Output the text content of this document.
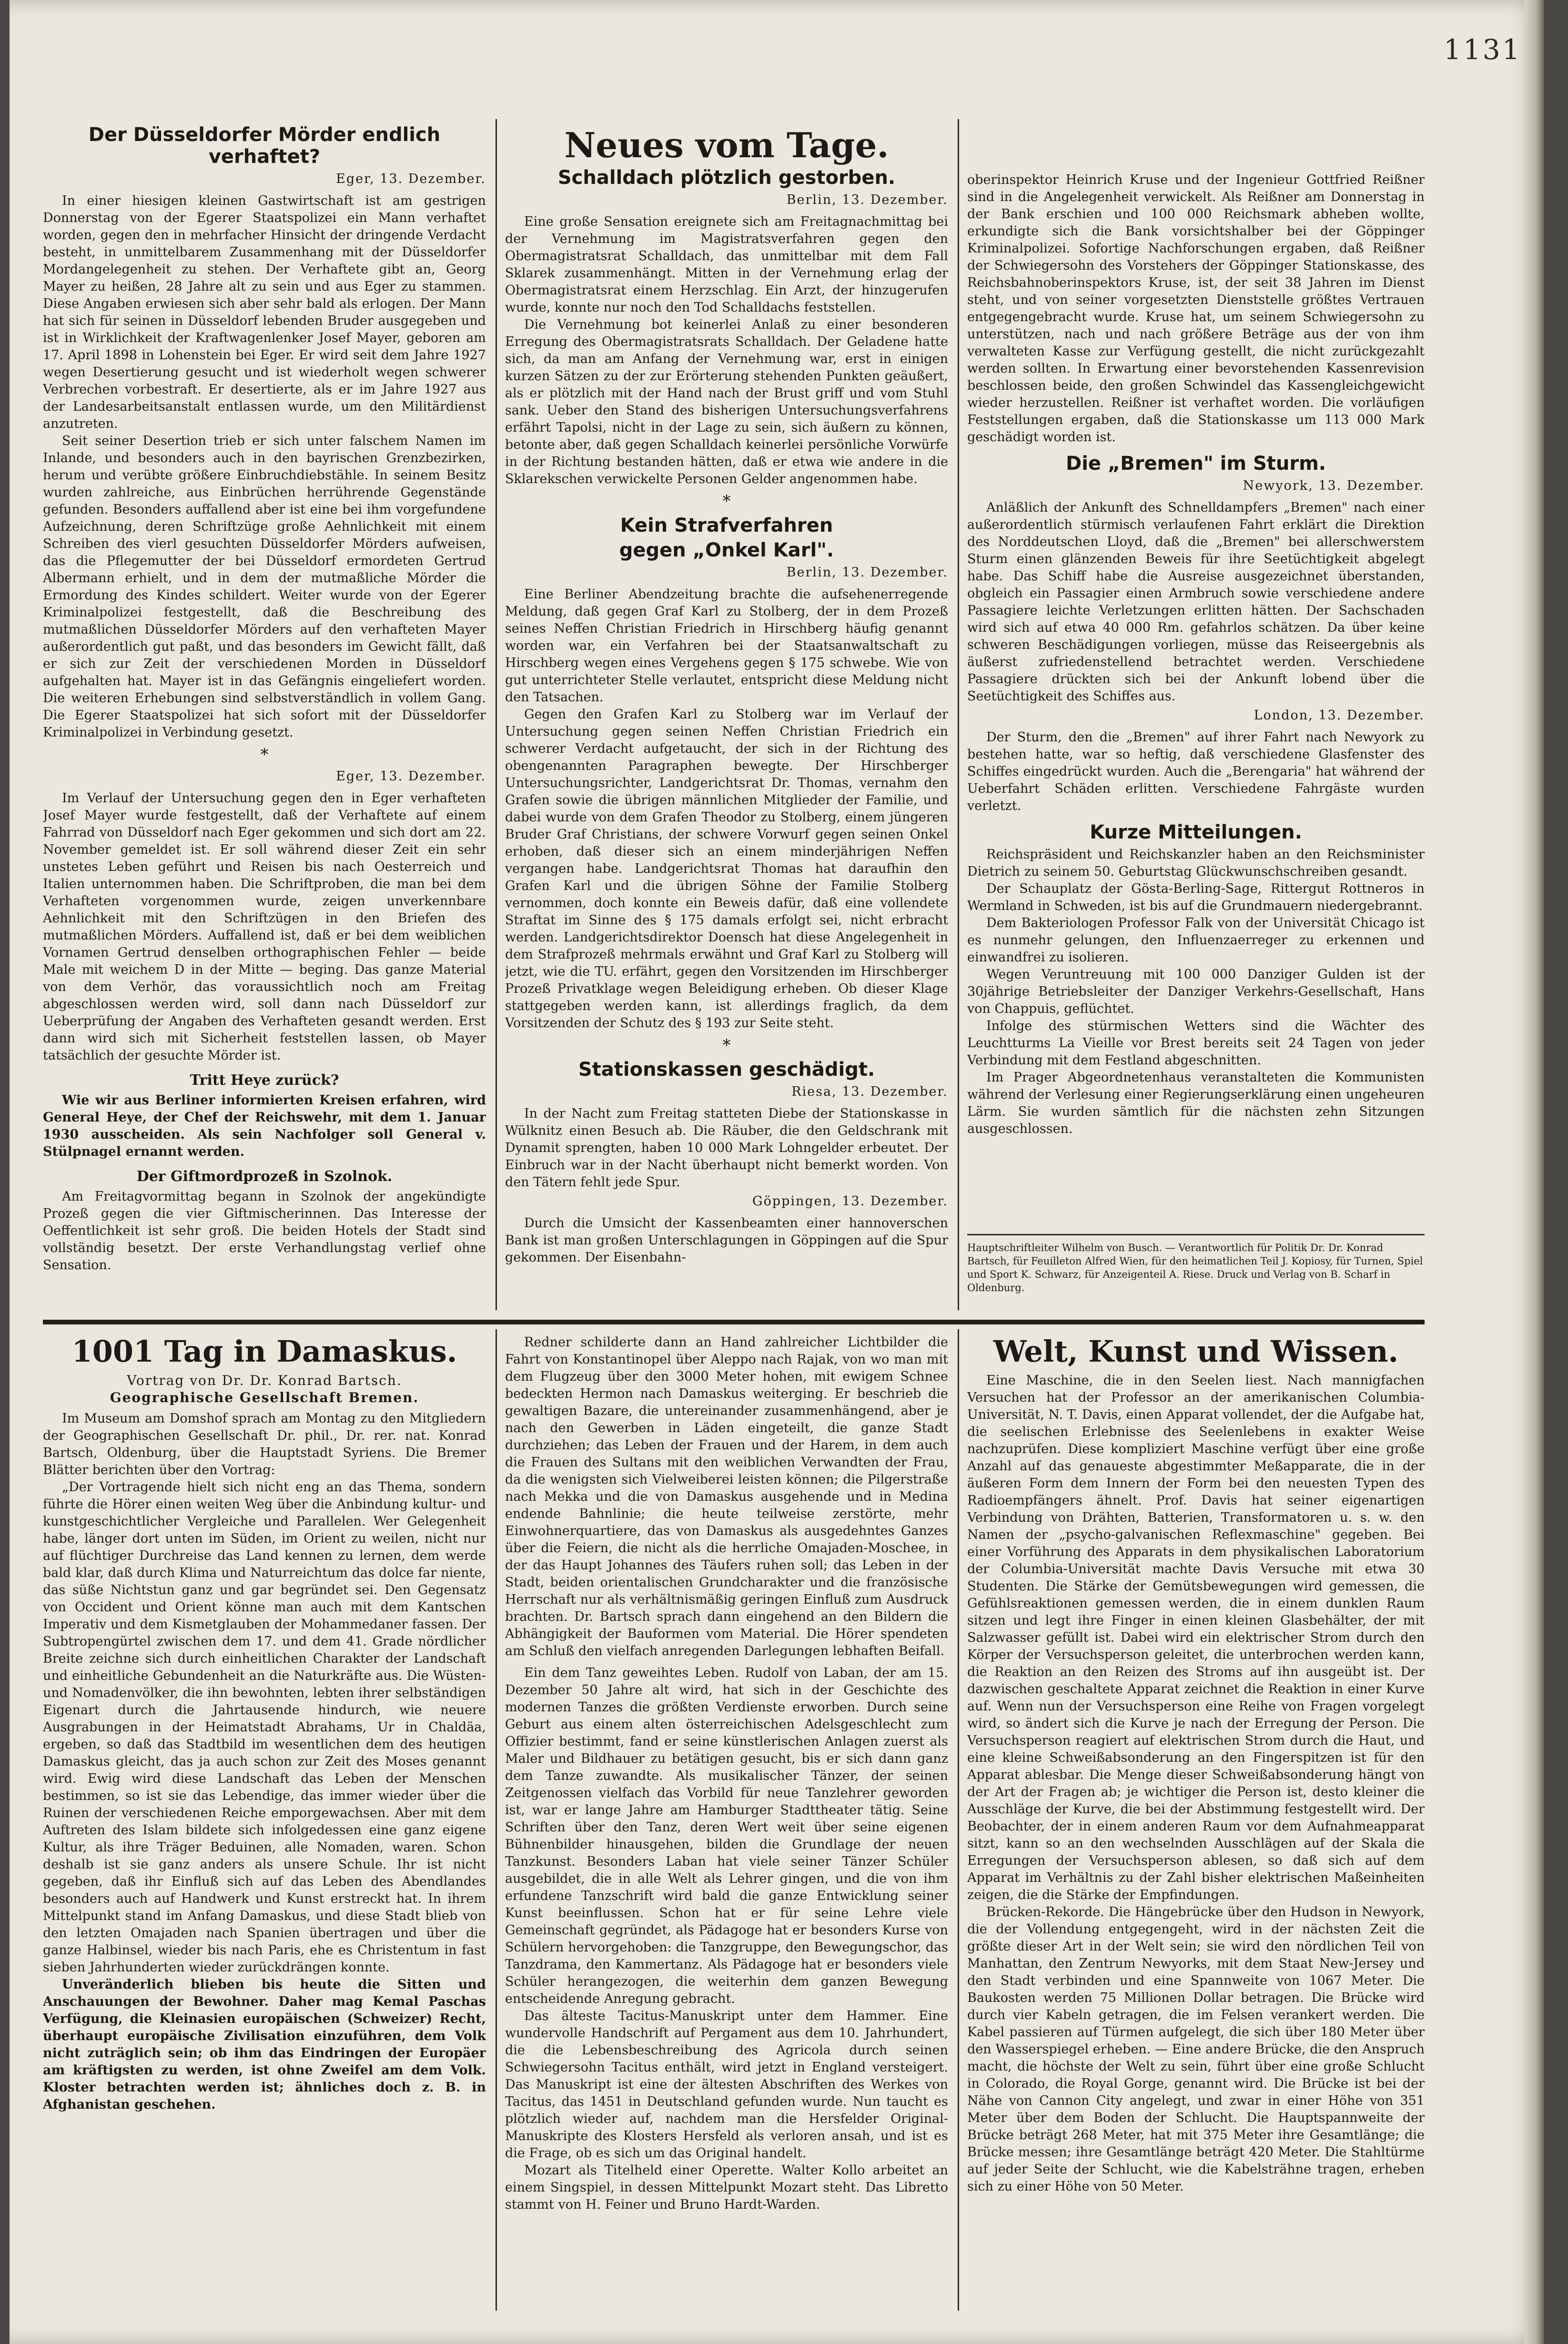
1131
Der Düsseldorfer Mörder endlich verhaftet?
Eger, 13. Dezember.

In einer hiesigen kleinen Gastwirtschaft ist am gestrigen Donnerstag von der Egerer Staatspolizei ein Mann verhaftet worden, gegen den in mehrfacher Hinsicht der dringende Verdacht besteht, in unmittelbarem Zusammenhang mit der Düsseldorfer Mordangelegenheit zu stehen. Der Verhaftete gibt an, Georg Mayer zu heißen, 28 Jahre alt zu sein und aus Eger zu stammen. Diese Angaben erwiesen sich aber sehr bald als erlogen. Der Mann hat sich für seinen in Düsseldorf lebenden Bruder ausgegeben und ist in Wirklichkeit der Kraftwagenlenker Josef Mayer, geboren am 17. April 1898 in Lohenstein bei Eger. Er wird seit dem Jahre 1927 wegen Desertierung gesucht und ist wiederholt wegen schwerer Verbrechen vorbestraft. Er desertierte, als er im Jahre 1927 aus der Landesarbeitsanstalt entlassen wurde, um den Militärdienst anzutreten.

Seit seiner Desertion trieb er sich unter falschem Namen im Inlande, und besonders auch in den bayrischen Grenzbezirken, herum und verübte größere Einbruchdiebstähle. In seinem Besitz wurden zahlreiche, aus Einbrüchen herrührende Gegenstände gefunden. Besonders auffallend aber ist eine bei ihm vorgefundene Aufzeichnung, deren Schriftzüge große Aehnlichkeit mit einem Schreiben des vierl gesuchten Düsseldorfer Mörders aufweisen, das die Pflegemutter der bei Düsseldorf ermordeten Gertrud Albermann erhielt, und in dem der mutmaßliche Mörder die Ermordung des Kindes schildert. Weiter wurde von der Egerer Kriminalpolizei festgestellt, daß die Beschreibung des mutmaßlichen Düsseldorfer Mörders auf den verhafteten Mayer außerordentlich gut paßt, und das besonders im Gewicht fällt, daß er sich zur Zeit der verschiedenen Morden in Düsseldorf aufgehalten hat. Mayer ist in das Gefängnis eingeliefert worden. Die weiteren Erhebungen sind selbstverständlich in vollem Gang. Die Egerer Staatspolizei hat sich sofort mit der Düsseldorfer Kriminalpolizei in Verbindung gesetzt.

*
Eger, 13. Dezember.

Im Verlauf der Untersuchung gegen den in Eger verhafteten Josef Mayer wurde festgestellt, daß der Verhaftete auf einem Fahrrad von Düsseldorf nach Eger gekommen und sich dort am 22. November gemeldet ist. Er soll während dieser Zeit ein sehr unstetes Leben geführt und Reisen bis nach Oesterreich und Italien unternommen haben. Die Schriftproben, die man bei dem Verhafteten vorgenommen wurde, zeigen unverkennbare Aehnlichkeit mit den Schriftzügen in den Briefen des mutmaßlichen Mörders. Auffallend ist, daß er bei dem weiblichen Vornamen Gertrud denselben orthographischen Fehler — beide Male mit weichem D in der Mitte — beging. Das ganze Material von dem Verhör, das voraussichtlich noch am Freitag abgeschlossen werden wird, soll dann nach Düsseldorf zur Ueberprüfung der Angaben des Verhafteten gesandt werden. Erst dann wird sich mit Sicherheit feststellen lassen, ob Mayer tatsächlich der gesuchte Mörder ist.

Tritt Heye zurück?

Wie wir aus Berliner informierten Kreisen erfahren, wird General Heye, der Chef der Reichswehr, mit dem 1. Januar 1930 ausscheiden. Als sein Nachfolger soll General v. Stülpnagel ernannt werden.

Der Giftmordprozeß in Szolnok.

Am Freitagvormittag begann in Szolnok der angekündigte Prozeß gegen die vier Giftmischerinnen. Das Interesse der Oeffentlichkeit ist sehr groß. Die beiden Hotels der Stadt sind vollständig besetzt. Der erste Verhandlungstag verlief ohne Sensation.

Neues vom Tage.
Schalldach plötzlich gestorben.
Berlin, 13. Dezember.

Eine große Sensation ereignete sich am Freitagnachmittag bei der Vernehmung im Magistratsverfahren gegen den Obermagistratsrat Schalldach, das unmittelbar mit dem Fall Sklarek zusammenhängt. Mitten in der Vernehmung erlag der Obermagistratsrat einem Herzschlag. Ein Arzt, der hinzugerufen wurde, konnte nur noch den Tod Schalldachs feststellen.

Die Vernehmung bot keinerlei Anlaß zu einer besonderen Erregung des Obermagistratsrats Schalldach. Der Geladene hatte sich, da man am Anfang der Vernehmung war, erst in einigen kurzen Sätzen zu der zur Erörterung stehenden Punkten geäußert, als er plötzlich mit der Hand nach der Brust griff und vom Stuhl sank. Ueber den Stand des bisherigen Untersuchungsverfahrens erfährt Tapolsi, nicht in der Lage zu sein, sich äußern zu können, betonte aber, daß gegen Schalldach keinerlei persönliche Vorwürfe in der Richtung bestanden hätten, daß er etwa wie andere in die Sklarekschen verwickelte Personen Gelder angenommen habe.

*
Kein Strafverfahren
gegen „Onkel Karl".
Berlin, 13. Dezember.

Eine Berliner Abendzeitung brachte die aufsehenerregende Meldung, daß gegen Graf Karl zu Stolberg, der in dem Prozeß seines Neffen Christian Friedrich in Hirschberg häufig genannt worden war, ein Verfahren bei der Staatsanwaltschaft zu Hirschberg wegen eines Vergehens gegen § 175 schwebe. Wie von gut unterrichteter Stelle verlautet, entspricht diese Meldung nicht den Tatsachen.

Gegen den Grafen Karl zu Stolberg war im Verlauf der Untersuchung gegen seinen Neffen Christian Friedrich ein schwerer Verdacht aufgetaucht, der sich in der Richtung des obengenannten Paragraphen bewegte. Der Hirschberger Untersuchungsrichter, Landgerichtsrat Dr. Thomas, vernahm den Grafen sowie die übrigen männlichen Mitglieder der Familie, und dabei wurde von dem Grafen Theodor zu Stolberg, einem jüngeren Bruder Graf Christians, der schwere Vorwurf gegen seinen Onkel erhoben, daß dieser sich an einem minderjährigen Neffen vergangen habe. Landgerichtsrat Thomas hat daraufhin den Grafen Karl und die übrigen Söhne der Familie Stolberg vernommen, doch konnte ein Beweis dafür, daß eine vollendete Straftat im Sinne des § 175 damals erfolgt sei, nicht erbracht werden. Landgerichtsdirektor Doensch hat diese Angelegenheit in dem Strafprozeß mehrmals erwähnt und Graf Karl zu Stolberg will jetzt, wie die TU. erfährt, gegen den Vorsitzenden im Hirschberger Prozeß Privatklage wegen Beleidigung erheben. Ob dieser Klage stattgegeben werden kann, ist allerdings fraglich, da dem Vorsitzenden der Schutz des § 193 zur Seite steht.

*
Stationskassen geschädigt.
Riesa, 13. Dezember.

In der Nacht zum Freitag statteten Diebe der Stationskasse in Wülknitz einen Besuch ab. Die Räuber, die den Geldschrank mit Dynamit sprengten, haben 10 000 Mark Lohngelder erbeutet. Der Einbruch war in der Nacht überhaupt nicht bemerkt worden. Von den Tätern fehlt jede Spur.

Göppingen, 13. Dezember.

Durch die Umsicht der Kassenbeamten einer hannoverschen Bank ist man großen Unterschlagungen in Göppingen auf die Spur gekommen. Der Eisenbahn-

oberinspektor Heinrich Kruse und der Ingenieur Gottfried Reißner sind in die Angelegenheit verwickelt. Als Reißner am Donnerstag in der Bank erschien und 100 000 Reichsmark abheben wollte, erkundigte sich die Bank vorsichtshalber bei der Göppinger Kriminalpolizei. Sofortige Nachforschungen ergaben, daß Reißner der Schwiegersohn des Vorstehers der Göppinger Stationskasse, des Reichsbahnoberinspektors Kruse, ist, der seit 38 Jahren im Dienst steht, und von seiner vorgesetzten Dienststelle größtes Vertrauen entgegengebracht wurde. Kruse hat, um seinem Schwiegersohn zu unterstützen, nach und nach größere Beträge aus der von ihm verwalteten Kasse zur Verfügung gestellt, die nicht zurückgezahlt werden sollten. In Erwartung einer bevorstehenden Kassenrevision beschlossen beide, den großen Schwindel das Kassengleichgewicht wieder herzustellen. Reißner ist verhaftet worden. Die vorläufigen Feststellungen ergaben, daß die Stationskasse um 113 000 Mark geschädigt worden ist.

Die „Bremen" im Sturm.
Newyork, 13. Dezember.

Anläßlich der Ankunft des Schnelldampfers „Bremen" nach einer außerordentlich stürmisch verlaufenen Fahrt erklärt die Direktion des Norddeutschen Lloyd, daß die „Bremen" bei allerschwerstem Sturm einen glänzenden Beweis für ihre Seetüchtigkeit abgelegt habe. Das Schiff habe die Ausreise ausgezeichnet überstanden, obgleich ein Passagier einen Armbruch sowie verschiedene andere Passagiere leichte Verletzungen erlitten hätten. Der Sachschaden wird sich auf etwa 40 000 Rm. gefahrlos schätzen. Da über keine schweren Beschädigungen vorliegen, müsse das Reiseergebnis als äußerst zufriedenstellend betrachtet werden. Verschiedene Passagiere drückten sich bei der Ankunft lobend über die Seetüchtigkeit des Schiffes aus.

London, 13. Dezember.

Der Sturm, den die „Bremen" auf ihrer Fahrt nach Newyork zu bestehen hatte, war so heftig, daß verschiedene Glasfenster des Schiffes eingedrückt wurden. Auch die „Berengaria" hat während der Ueberfahrt Schäden erlitten. Verschiedene Fahrgäste wurden verletzt.

Kurze Mitteilungen.

Reichspräsident und Reichskanzler haben an den Reichsminister Dietrich zu seinem 50. Geburtstag Glückwunschschreiben gesandt.

Der Schauplatz der Gösta-Berling-Sage, Rittergut Rottneros in Wermland in Schweden, ist bis auf die Grundmauern niedergebrannt.

Dem Bakteriologen Professor Falk von der Universität Chicago ist es nunmehr gelungen, den Influenzaerreger zu erkennen und einwandfrei zu isolieren.

Wegen Veruntreuung mit 100 000 Danziger Gulden ist der 30jährige Betriebsleiter der Danziger Verkehrs-Gesellschaft, Hans von Chappuis, geflüchtet.

Infolge des stürmischen Wetters sind die Wächter des Leuchtturms La Vieille vor Brest bereits seit 24 Tagen von jeder Verbindung mit dem Festland abgeschnitten.

Im Prager Abgeordnetenhaus veranstalteten die Kommunisten während der Verlesung einer Regierungserklärung einen ungeheuren Lärm. Sie wurden sämtlich für die nächsten zehn Sitzungen ausgeschlossen.

Hauptschriftleiter Wilhelm von Busch. — Verantwortlich für Politik Dr. Dr. Konrad Bartsch, für Feuilleton Alfred Wien, für den heimatlichen Teil J. Kopiosy, für Turnen, Spiel und Sport K. Schwarz, für Anzeigenteil A. Riese. Druck und Verlag von B. Scharf in Oldenburg.
1001 Tag in Damaskus.

Vortrag von Dr. Dr. Konrad Bartsch.

Geographische Gesellschaft Bremen.

Im Museum am Domshof sprach am Montag zu den Mitgliedern der Geographischen Gesellschaft Dr. phil., Dr. rer. nat. Konrad Bartsch, Oldenburg, über die Hauptstadt Syriens. Die Bremer Blätter berichten über den Vortrag:

„Der Vortragende hielt sich nicht eng an das Thema, sondern führte die Hörer einen weiten Weg über die Anbindung kultur- und kunstgeschichtlicher Vergleiche und Parallelen. Wer Gelegenheit habe, länger dort unten im Süden, im Orient zu weilen, nicht nur auf flüchtiger Durchreise das Land kennen zu lernen, dem werde bald klar, daß durch Klima und Naturreichtum das dolce far niente, das süße Nichtstun ganz und gar begründet sei. Den Gegensatz von Occident und Orient könne man auch mit dem Kantschen Imperativ und dem Kismetglauben der Mohammedaner fassen. Der Subtropengürtel zwischen dem 17. und dem 41. Grade nördlicher Breite zeichne sich durch einheitlichen Charakter der Landschaft und einheitliche Gebundenheit an die Naturkräfte aus. Die Wüsten- und Nomadenvölker, die ihn bewohnten, lebten ihrer selbständigen Eigenart durch die Jahrtausende hindurch, wie neuere Ausgrabungen in der Heimatstadt Abrahams, Ur in Chaldäa, ergeben, so daß das Stadtbild im wesentlichen dem des heutigen Damaskus gleicht, das ja auch schon zur Zeit des Moses genannt wird. Ewig wird diese Landschaft das Leben der Menschen bestimmen, so ist sie das Lebendige, das immer wieder über die Ruinen der verschiedenen Reiche emporgewachsen. Aber mit dem Auftreten des Islam bildete sich infolgedessen eine ganz eigene Kultur, als ihre Träger Beduinen, alle Nomaden, waren. Schon deshalb ist sie ganz anders als unsere Schule. Ihr ist nicht gegeben, daß ihr Einfluß sich auf das Leben des Abendlandes besonders auch auf Handwerk und Kunst erstreckt hat. In ihrem Mittelpunkt stand im Anfang Damaskus, und diese Stadt blieb von den letzten Omajaden nach Spanien übertragen und über die ganze Halbinsel, wieder bis nach Paris, ehe es Christentum in fast sieben Jahrhunderten wieder zurückdrängen konnte.

Unveränderlich blieben bis heute die Sitten und Anschauungen der Bewohner. Daher mag Kemal Paschas Verfügung, die Kleinasien europäischen (Schweizer) Recht, überhaupt europäische Zivilisation einzuführen, dem Volk nicht zuträglich sein; ob ihm das Eindringen der Europäer am kräftigsten zu werden, ist ohne Zweifel am dem Volk. Kloster betrachten werden ist; ähnliches doch z. B. in Afghanistan geschehen.

Redner schilderte dann an Hand zahlreicher Lichtbilder die Fahrt von Konstantinopel über Aleppo nach Rajak, von wo man mit dem Flugzeug über den 3000 Meter hohen, mit ewigem Schnee bedeckten Hermon nach Damaskus weiterging. Er beschrieb die gewaltigen Bazare, die untereinander zusammenhängend, aber je nach den Gewerben in Läden eingeteilt, die ganze Stadt durchziehen; das Leben der Frauen und der Harem, in dem auch die Frauen des Sultans mit den weiblichen Verwandten der Frau, da die wenigsten sich Vielweiberei leisten können; die Pilgerstraße nach Mekka und die von Damaskus ausgehende und in Medina endende Bahnlinie; die heute teilweise zerstörte, mehr Einwohnerquartiere, das von Damaskus als ausgedehntes Ganzes über die Feiern, die nicht als die herrliche Omajaden-Moschee, in der das Haupt Johannes des Täufers ruhen soll; das Leben in der Stadt, beiden orientalischen Grundcharakter und die französische Herrschaft nur als verhältnismäßig geringen Einfluß zum Ausdruck brachten. Dr. Bartsch sprach dann eingehend an den Bildern die Abhängigkeit der Bauformen vom Material. Die Hörer spendeten am Schluß den vielfach anregenden Darlegungen lebhaften Beifall.

Ein dem Tanz geweihtes Leben. Rudolf von Laban, der am 15. Dezember 50 Jahre alt wird, hat sich in der Geschichte des modernen Tanzes die größten Verdienste erworben. Durch seine Geburt aus einem alten österreichischen Adelsgeschlecht zum Offizier bestimmt, fand er seine künstlerischen Anlagen zuerst als Maler und Bildhauer zu betätigen gesucht, bis er sich dann ganz dem Tanze zuwandte. Als musikalischer Tänzer, der seinen Zeitgenossen vielfach das Vorbild für neue Tanzlehrer geworden ist, war er lange Jahre am Hamburger Stadttheater tätig. Seine Schriften über den Tanz, deren Wert weit über seine eigenen Bühnenbilder hinausgehen, bilden die Grundlage der neuen Tanzkunst. Besonders Laban hat viele seiner Tänzer Schüler ausgebildet, die in alle Welt als Lehrer gingen, und die von ihm erfundene Tanzschrift wird bald die ganze Entwicklung seiner Kunst beeinflussen. Schon hat er für seine Lehre viele Gemeinschaft gegründet, als Pädagoge hat er besonders Kurse von Schülern hervorgehoben: die Tanzgruppe, den Bewegungschor, das Tanzdrama, den Kammertanz. Als Pädagoge hat er besonders viele Schüler herangezogen, die weiterhin dem ganzen Bewegung entscheidende Anregung gebracht.

Das älteste Tacitus-Manuskript unter dem Hammer. Eine wundervolle Handschrift auf Pergament aus dem 10. Jahrhundert, die die Lebensbeschreibung des Agricola durch seinen Schwiegersohn Tacitus enthält, wird jetzt in England versteigert. Das Manuskript ist eine der ältesten Abschriften des Werkes von Tacitus, das 1451 in Deutschland gefunden wurde. Nun taucht es plötzlich wieder auf, nachdem man die Hersfelder Original-Manuskripte des Klosters Hersfeld als verloren ansah, und ist es die Frage, ob es sich um das Original handelt.

Mozart als Titelheld einer Operette. Walter Kollo arbeitet an einem Singspiel, in dessen Mittelpunkt Mozart steht. Das Libretto stammt von H. Feiner und Bruno Hardt-Warden.

Welt, Kunst und Wissen.

Eine Maschine, die in den Seelen liest. Nach mannigfachen Versuchen hat der Professor an der amerikanischen Columbia-Universität, N. T. Davis, einen Apparat vollendet, der die Aufgabe hat, die seelischen Erlebnisse des Seelenlebens in exakter Weise nachzuprüfen. Diese kompliziert Maschine verfügt über eine große Anzahl auf das genaueste abgestimmter Meßapparate, die in der äußeren Form dem Innern der Form bei den neuesten Typen des Radioempfängers ähnelt. Prof. Davis hat seiner eigenartigen Verbindung von Drähten, Batterien, Transformatoren u. s. w. den Namen der „psycho-galvanischen Reflexmaschine" gegeben. Bei einer Vorführung des Apparats in dem physikalischen Laboratorium der Columbia-Universität machte Davis Versuche mit etwa 30 Studenten. Die Stärke der Gemütsbewegungen wird gemessen, die Gefühlsreaktionen gemessen werden, die in einem dunklen Raum sitzen und legt ihre Finger in einen kleinen Glasbehälter, der mit Salzwasser gefüllt ist. Dabei wird ein elektrischer Strom durch den Körper der Versuchsperson geleitet, die unterbrochen werden kann, die Reaktion an den Reizen des Stroms auf ihn ausgeübt ist. Der dazwischen geschaltete Apparat zeichnet die Reaktion in einer Kurve auf. Wenn nun der Versuchsperson eine Reihe von Fragen vorgelegt wird, so ändert sich die Kurve je nach der Erregung der Person. Die Versuchsperson reagiert auf elektrischen Strom durch die Haut, und eine kleine Schweißabsonderung an den Fingerspitzen ist für den Apparat ablesbar. Die Menge dieser Schweißabsonderung hängt von der Art der Fragen ab; je wichtiger die Person ist, desto kleiner die Ausschläge der Kurve, die bei der Abstimmung festgestellt wird. Der Beobachter, der in einem anderen Raum vor dem Aufnahmeapparat sitzt, kann so an den wechselnden Ausschlägen auf der Skala die Erregungen der Versuchsperson ablesen, so daß sich auf dem Apparat im Verhältnis zu der Zahl bisher elektrischen Maßeinheiten zeigen, die die Stärke der Empfindungen.

Brücken-Rekorde. Die Hängebrücke über den Hudson in Newyork, die der Vollendung entgegengeht, wird in der nächsten Zeit die größte dieser Art in der Welt sein; sie wird den nördlichen Teil von Manhattan, den Zentrum Newyorks, mit dem Staat New-Jersey und den Stadt verbinden und eine Spannweite von 1067 Meter. Die Baukosten werden 75 Millionen Dollar betragen. Die Brücke wird durch vier Kabeln getragen, die im Felsen verankert werden. Die Kabel passieren auf Türmen aufgelegt, die sich über 180 Meter über den Wasserspiegel erheben. — Eine andere Brücke, die den Anspruch macht, die höchste der Welt zu sein, führt über eine große Schlucht in Colorado, die Royal Gorge, genannt wird. Die Brücke ist bei der Nähe von Cannon City angelegt, und zwar in einer Höhe von 351 Meter über dem Boden der Schlucht. Die Hauptspannweite der Brücke beträgt 268 Meter, hat mit 375 Meter ihre Gesamtlänge; die Brücke messen; ihre Gesamtlänge beträgt 420 Meter. Die Stahltürme auf jeder Seite der Schlucht, wie die Kabelsträhne tragen, erheben sich zu einer Höhe von 50 Meter.
